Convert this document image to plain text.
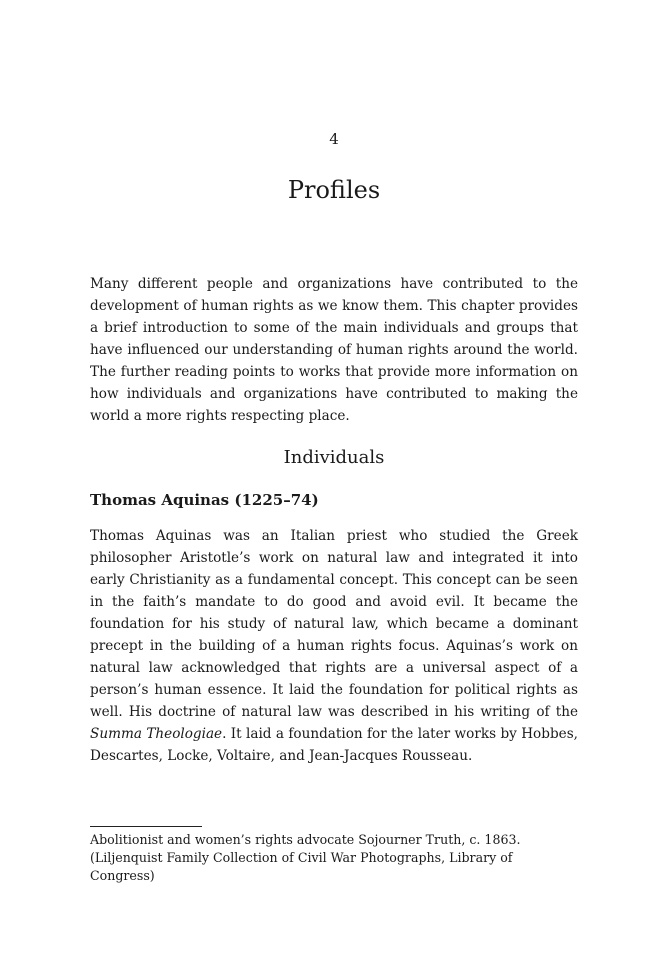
4
Profiles

Many different people and organizations have contributed to the development of human rights as we know them. This chapter provides a brief introduction to some of the main individuals and groups that have influenced our understanding of human rights around the world. The further reading points to works that provide more information on how individuals and organizations have contributed to making the world a more rights respecting place.

Individuals
Thomas Aquinas (1225–74)

Thomas Aquinas was an Italian priest who studied the Greek philosopher Aristotle’s work on natural law and integrated it into early Christianity as a fundamental concept. This concept can be seen in the faith’s mandate to do good and avoid evil. It became the foundation for his study of natural law, which became a dominant precept in the building of a human rights focus. Aquinas’s work on natural law acknowledged that rights are a universal aspect of a person’s human essence. It laid the foundation for political rights as well. His doctrine of natural law was described in his writing of the Summa Theologiae. It laid a foundation for the later works by Hobbes, Descartes, Locke, Voltaire, and Jean-Jacques Rousseau.

Abolitionist and women’s rights advocate Sojourner Truth, c. 1863. (Liljenquist Family Collection of Civil War Photographs, Library of Congress)
